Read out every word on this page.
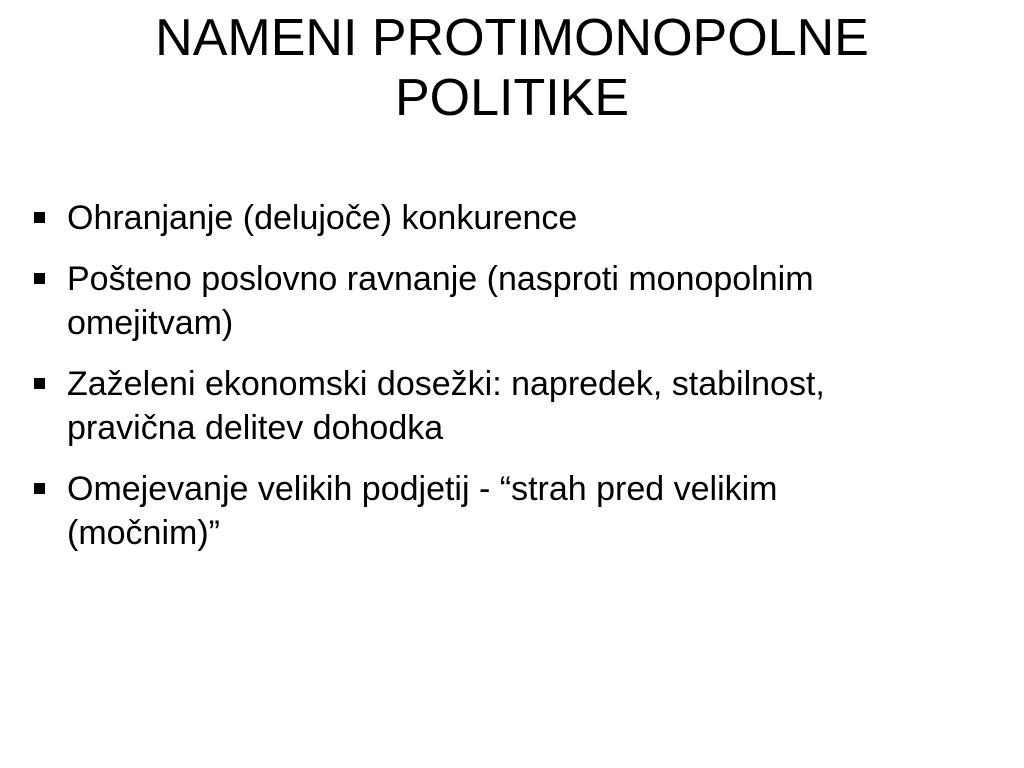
NAMENI PROTIMONOPOLNE
POLITIKE
Ohranjanje (delujoče) konkurence
Pošteno poslovno ravnanje (nasproti monopolnim omejitvam)
Zaželeni ekonomski dosežki: napredek, stabilnost, pravična delitev dohodka
Omejevanje velikih podjetij - “strah pred velikim (močnim)”
